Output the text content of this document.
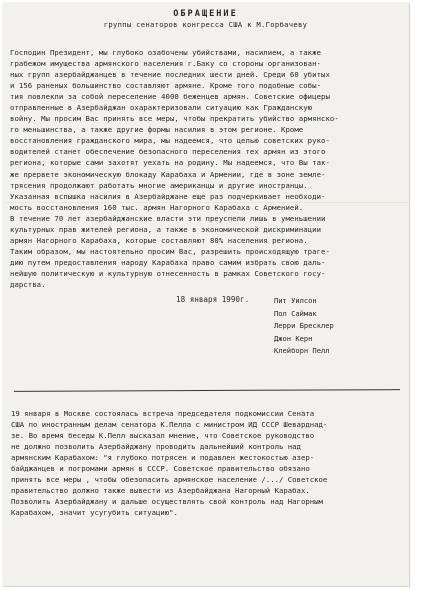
ОБРАЩЕНИЕ
группы сенаторов конгресса США к М.Горбачеву
Господин Президент, мы глубоко озабочены убийствами, насилием, а также
грабежом имущества армянского населения г.Баку со стороны организован-
ных групп азербайджанцев в течение последних шести дней. Среди 60 убитых
и 156 раненых большинство составляют армяне. Кроме того подобные собы-
тия повлекли за собой переселение 4000 беженцев армян. Советские офицеры
отправленные в Азербайджан охарактеризовали ситуацию как Гражданскую
войну. Мы просим Вас принять все меры, чтобы прекратить убийство армянско-
го меньшинства, а также другие формы насилия в этом регионе. Кроме
восстановления гражданского мира, мы надеемся, что целью советских руко-
водителей станет обеспечение безопасного переселения тех армян из этого
региона, которые сами захотят уехать на родину. Мы надеемся, что Вы так-
же прервете экономическую блокаду Карабаха и Армении, где в зоне земле-
трясения продолжают работать многие американцы и другие иностранцы.
Указанная вспышка насилия в Азербайджане еще раз подчеркивает необходи-
мость восстановления 160 тыс. армян Нагорного Карабаха с Арменией.
В течение 70 лет азербайджанские власти эти преуспели лишь в уменьшении
культурных прав жителей региона, а также в экономической дискриминации
армян Нагорного Карабаха, которые составляют 80% населения региона.
Таким образом, мы настоятельно просим Вас, разрешить происходящую траге-
дию путем предоставления народу Карабаха право самим избрать свою даль-
нейшую политическую и культурную отнесенность в рамках Советского госу-
дарства.
18 января 1990г.	Пит Уилсон
Пол Саймак
Лерри Бресклер
Джон Керн
Клейборн Пелл
19 января в Москве состоялась встреча председателя подкомиссии Сената
США по иностранным делам сенатора К.Пелла с министром ИД СССР Шеварднад-
зе. Во время беседы К.Пелл высказал мнение, что Советское руководство
не должно позволить Азербайджану проводить дальнейший контроль над
армянским Карабахом: "я глубоко потрясен и подавлен жестокостью азер-
байджанцев и погромами армян в СССР. Советское правительство обязано
принять все меры , чтобы обезопасить армянское население /.../ Советское
правительство должно также вывести из Азербайджана Нагорный Карабах.
Позволить Азербайджану и дальше осуществлять свой контроль над Нагорным
Карабахом, значит усугубить ситуацию".
